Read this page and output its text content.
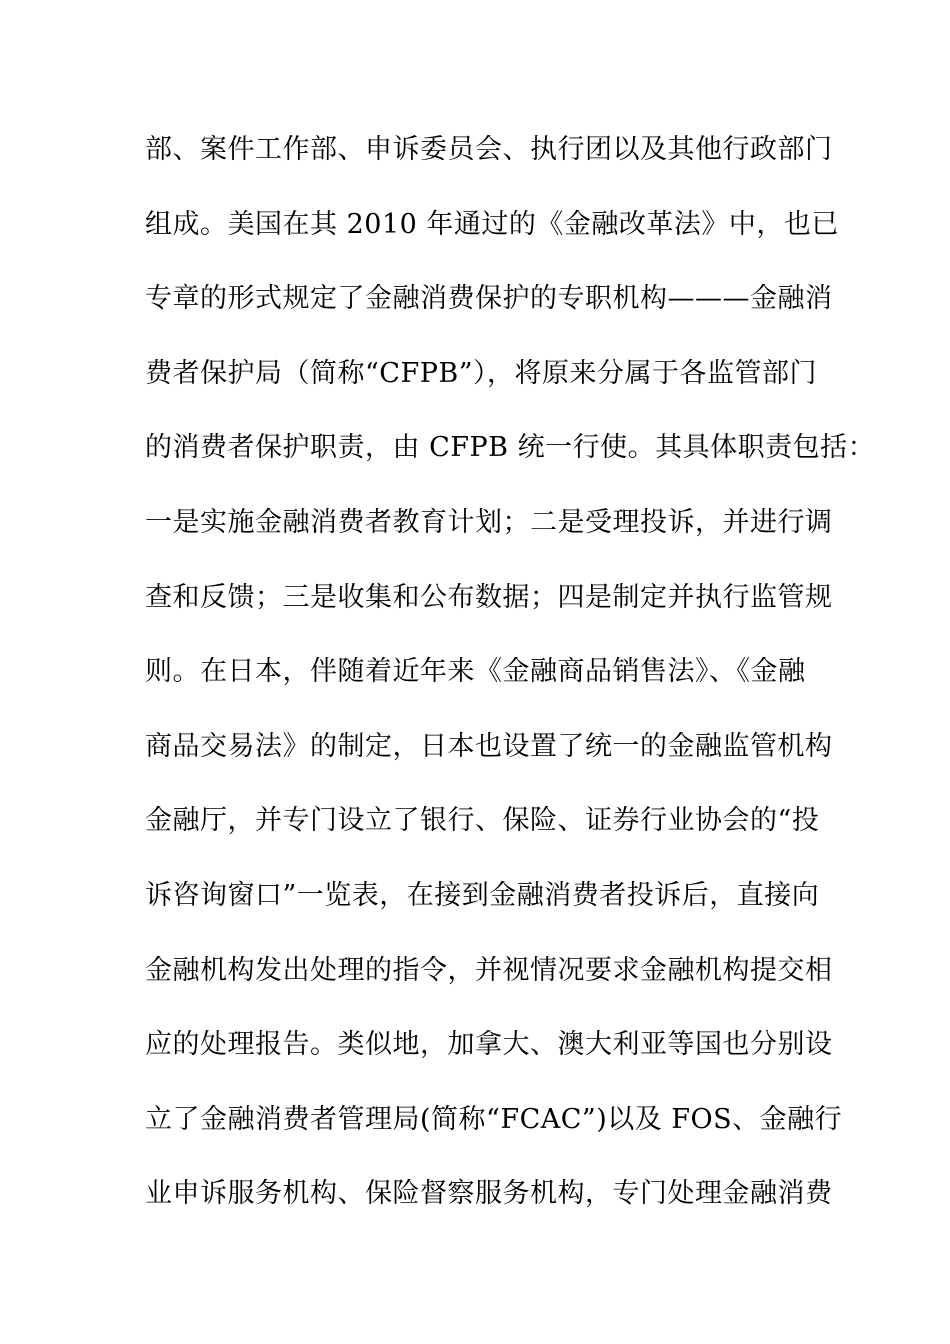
部、案件工作部、申诉委员会、执行团以及其他行政部门
组成。美国在其 2010 年通过的《金融改革法》中，也已
专章的形式规定了金融消费保护的专职机构———金融消
费者保护局（简称“CFPB”），将原来分属于各监管部门
的消费者保护职责，由 CFPB 统一行使。其具体职责包括：
一是实施金融消费者教育计划；二是受理投诉，并进行调
查和反馈；三是收集和公布数据；四是制定并执行监管规
则。在日本，伴随着近年来《金融商品销售法》、《金融
商品交易法》的制定，日本也设置了统一的金融监管机构
金融厅，并专门设立了银行、保险、证券行业协会的“投
诉咨询窗口”一览表，在接到金融消费者投诉后，直接向
金融机构发出处理的指令，并视情况要求金融机构提交相
应的处理报告。类似地，加拿大、澳大利亚等国也分别设
立了金融消费者管理局(简称“FCAC”)以及 FOS、金融行
业申诉服务机构、保险督察服务机构，专门处理金融消费
